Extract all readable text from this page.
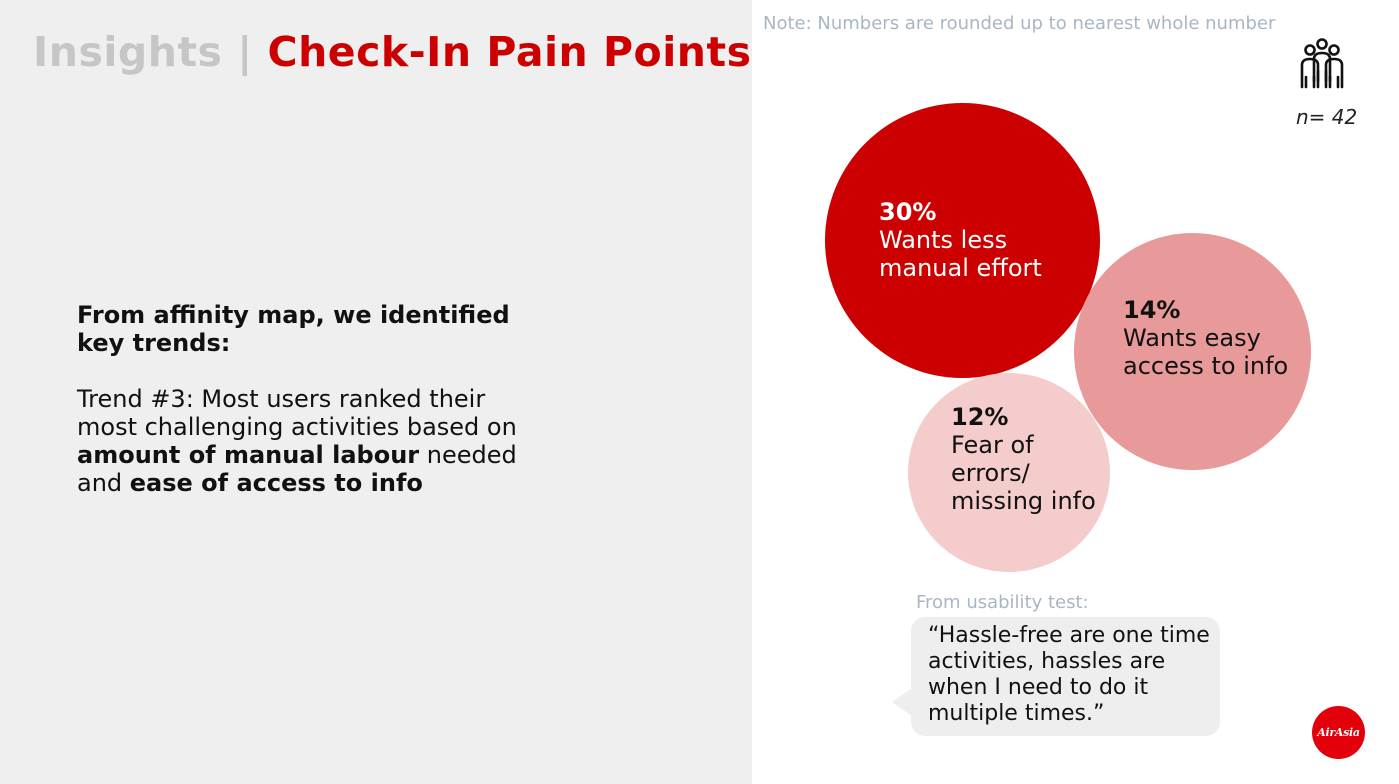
Insights | Check-In Pain Points
From affinity map, we identified key trends:

Trend #3: Most users ranked their most challenging activities based on amount of manual labour needed and ease of access to info

Note: Numbers are rounded up to nearest whole number
n= 42
30%
Wants less manual effort
14%
Wants easy access to info
12%
Fear of errors/ missing info
From usability test:
“Hassle-free are one time activities, hassles are when I need to do it multiple times.”
AirAsia
